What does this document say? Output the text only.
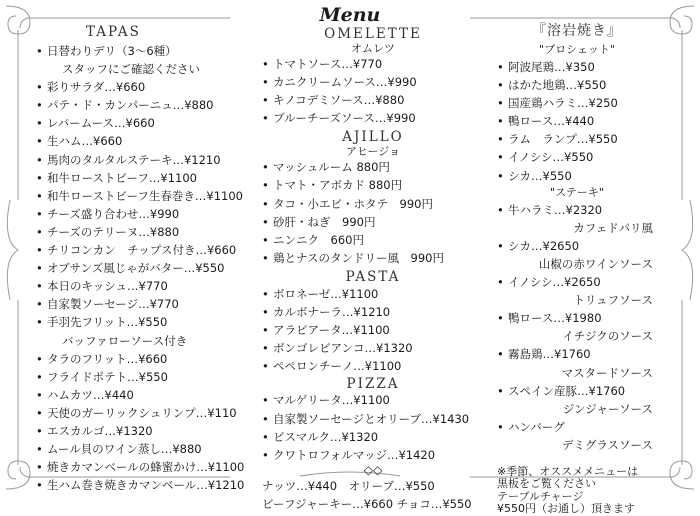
Menu
TAPAS
• 日替わりデリ（3〜6種）
スタッフにご確認ください
• 彩りサラダ…¥660
• パテ・ド・カンパーニュ…¥880
• レバームース…¥660
• 生ハム…¥660
• 馬肉のタルタルステーキ…¥1210
• 和牛ローストビーフ…¥1100
• 和牛ローストビーフ生春巻き…¥1100
• チーズ盛り合わせ…¥990
• チーズのテリーヌ…¥880
• チリコンカン　チップス付き…¥660
• オブサンズ風じゃがバター…¥550
• 本日のキッシュ…¥770
• 自家製ソーセージ…¥770
• 手羽先フリット…¥550
バッファローソース付き
• タラのフリット…¥660
• フライドポテト…¥550
• ハムカツ…¥440
• 天使のガーリックシュリンプ…¥110
• エスカルゴ…¥1320
• ムール貝のワイン蒸し…¥880
• 焼きカマンベールの蜂蜜かけ…¥1100
• 生ハム巻き焼きカマンベール…¥1210
OMELETTE
オムレツ
• トマトソース…¥770
• カニクリームソース…¥990
• キノコデミソース…¥880
• ブルーチーズソース…¥990
AJILLO
アヒージョ
• マッシュルーム 880円
• トマト・アボカド 880円
• タコ・小エビ・ホタテ　990円
• 砂肝・ねぎ　990円
• ニンニク　660円
• 鶏とナスのタンドリー風　990円
PASTA
• ボロネーゼ…¥1100
• カルボナーラ…¥1210
• アラビアータ…¥1100
• ボンゴレビアンコ…¥1320
• ペペロンチーノ…¥1100
PIZZA
• マルゲリータ…¥1100
• 自家製ソーセージとオリーブ…¥1430
• ビスマルク…¥1320
• クワトロフォルマッジ…¥1420
◇◇
ナッツ…¥440　オリーブ…¥550
ビーフジャーキー…¥660 チョコ…¥550
『溶岩焼き』
"ブロシェット"
• 阿波尾鶏…¥350
• はかた地鶏…¥550
• 国産鶏ハラミ…¥250
• 鴨ロース…¥440
• ラム　ランプ…¥550
• イノシシ…¥550
• シカ…¥550
"ステーキ"
• 牛ハラミ…¥2320
カフェドパリ風
• シカ…¥2650
山椒の赤ワインソース
• イノシシ…¥2650
トリュフソース
• 鴨ロース…¥1980
イチジクのソース
• 霧島鶏…¥1760
マスタードソース
• スペイン産豚…¥1760
ジンジャーソース
• ハンバーグ
デミグラスソース
※季節、オススメメニューは
黒板をご覧ください
テーブルチャージ
¥550円（お通し）頂きます
